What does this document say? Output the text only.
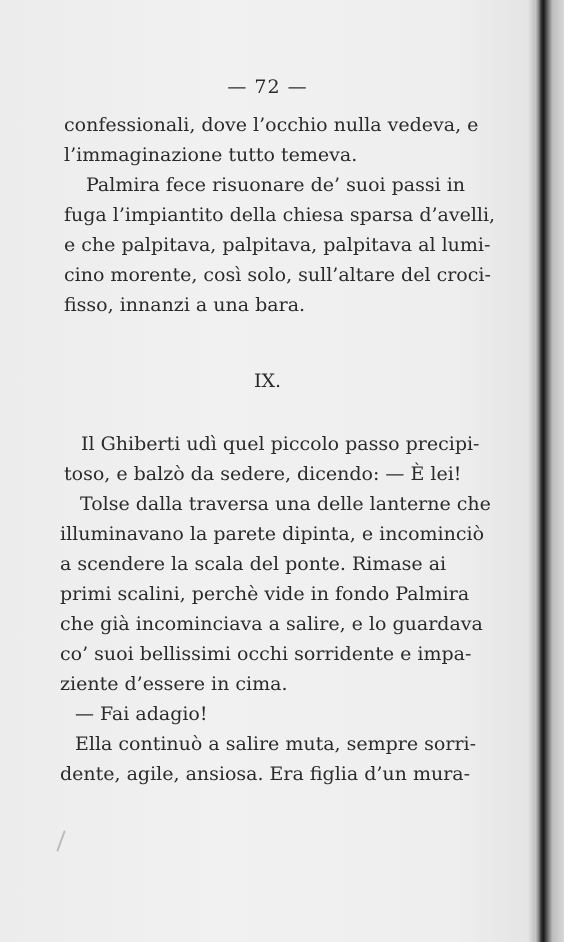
— 72 —
confessionali, dove l’occhio nulla vedeva, e
l’immaginazione tutto temeva.
Palmira fece risuonare de’ suoi passi in
fuga l’impiantito della chiesa sparsa d’avelli,
e che palpitava, palpitava, palpitava al lumi-
cino morente, così solo, sull’altare del croci-
fisso, innanzi a una bara.
IX.
Il Ghiberti udì quel piccolo passo precipi-
toso, e balzò da sedere, dicendo: — È lei!
Tolse dalla traversa una delle lanterne che
illuminavano la parete dipinta, e incominciò
a scendere la scala del ponte. Rimase ai
primi scalini, perchè vide in fondo Palmira
che già incominciava a salire, e lo guardava
co’ suoi bellissimi occhi sorridente e impa-
ziente d’essere in cima.
— Fai adagio!
Ella continuò a salire muta, sempre sorri-
dente, agile, ansiosa. Era figlia d’un mura-
